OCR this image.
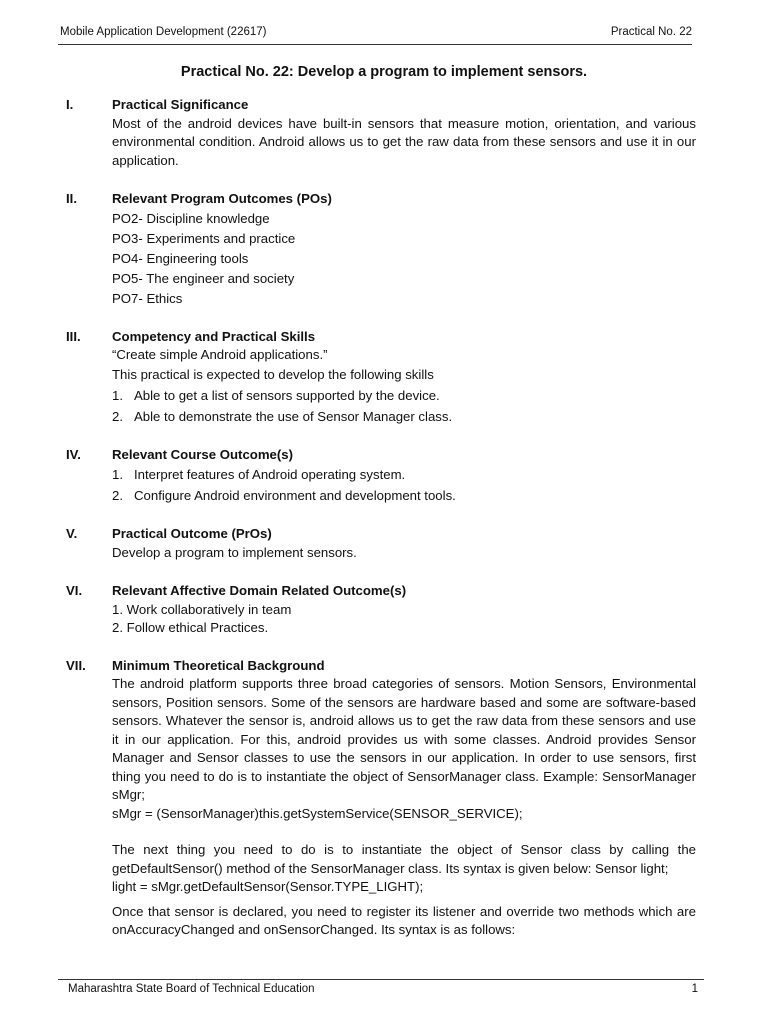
Mobile Application Development (22617)	Practical No. 22
Practical No. 22: Develop a program to implement sensors.
I.	Practical Significance
Most of the android devices have built-in sensors that measure motion, orientation, and various environmental condition. Android allows us to get the raw data from these sensors and use it in our application.
II.	Relevant Program Outcomes (POs)
PO2- Discipline knowledge
PO3- Experiments and practice
PO4- Engineering tools
PO5- The engineer and society
PO7- Ethics
III. Competency and Practical Skills
“Create simple Android applications.”
This practical is expected to develop the following skills
1. Able to get a list of sensors supported by the device.
2. Able to demonstrate the use of Sensor Manager class.
IV. Relevant Course Outcome(s)
1. Interpret features of Android operating system.
2. Configure Android environment and development tools.
V.	Practical Outcome (PrOs)
Develop a program to implement sensors.
VI. Relevant Affective Domain Related Outcome(s)
1. Work collaboratively in team
2. Follow ethical Practices.
VII. Minimum Theoretical Background
The android platform supports three broad categories of sensors. Motion Sensors, Environmental sensors, Position sensors. Some of the sensors are hardware based and some are software-based sensors. Whatever the sensor is, android allows us to get the raw data from these sensors and use it in our application. For this, android provides us with some classes. Android provides Sensor Manager and Sensor classes to use the sensors in our application. In order to use sensors, first thing you need to do is to instantiate the object of SensorManager class. Example: SensorManager sMgr;
sMgr = (SensorManager)this.getSystemService(SENSOR_SERVICE);
The next thing you need to do is to instantiate the object of Sensor class by calling the getDefaultSensor() method of the SensorManager class. Its syntax is given below: Sensor light;
light = sMgr.getDefaultSensor(Sensor.TYPE_LIGHT);
Once that sensor is declared, you need to register its listener and override two methods which are onAccuracyChanged and onSensorChanged. Its syntax is as follows:
Maharashtra State Board of Technical Education	1
